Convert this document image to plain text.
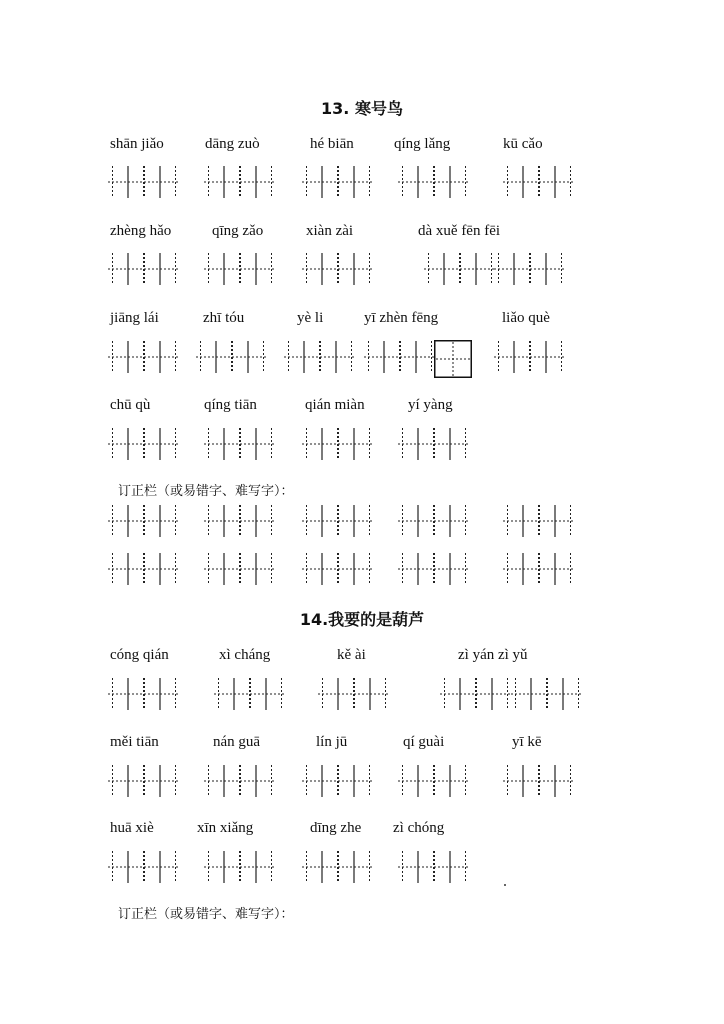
13. 寒号鸟

shān jiǎo	dāng zuò	hé biān	qíng lǎng	kū cǎo

zhèng hǎo	qīng zǎo	xiàn zài	dà xuě fēn fēi

jiāng lái	zhī tóu	yè li	yī zhèn fēng	liǎo què

chū qù	qíng tiān	qián miàn	yí yàng

订正栏（或易错字、难写字）：

14.我要的是葫芦

cóng qián	xì cháng	kě ài	zì yán zì yǔ

měi tiān	nán guā	lín jū	qí guài	yī kē

huā xiè	xīn xiǎng	dīng zhe zì chóng

订正栏（或易错字、难写字）：
